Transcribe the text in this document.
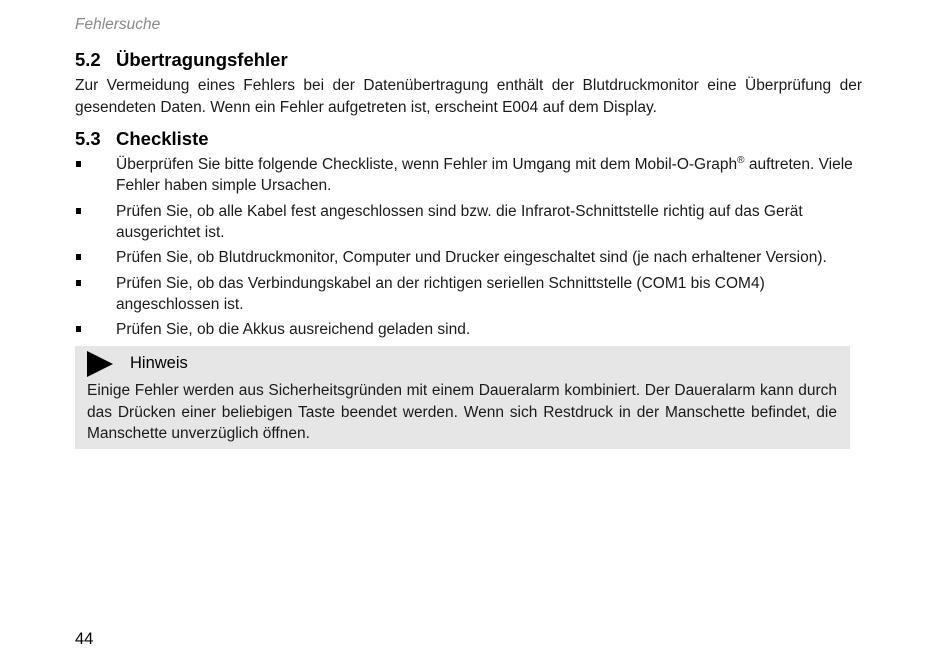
Fehlersuche
5.2 Übertragungsfehler

Zur Vermeidung eines Fehlers bei der Datenübertragung enthält der Blutdruckmonitor eine Überprüfung der gesendeten Daten. Wenn ein Fehler aufgetreten ist, erscheint E004 auf dem Display.

5.3 Checkliste
Überprüfen Sie bitte folgende Checkliste, wenn Fehler im Umgang mit dem Mobil-O-Graph® auftreten. Viele Fehler haben simple Ursachen.
Prüfen Sie, ob alle Kabel fest angeschlossen sind bzw. die Infrarot-Schnittstelle richtig auf das Gerät ausgerichtet ist.
Prüfen Sie, ob Blutdruckmonitor, Computer und Drucker eingeschaltet sind (je nach erhaltener Version).
Prüfen Sie, ob das Verbindungskabel an der richtigen seriellen Schnittstelle (COM1 bis COM4) angeschlossen ist.
Prüfen Sie, ob die Akkus ausreichend geladen sind.
Hinweis

Einige Fehler werden aus Sicherheitsgründen mit einem Daueralarm kombiniert. Der Daueralarm kann durch das Drücken einer beliebigen Taste beendet werden. Wenn sich Restdruck in der Manschette befindet, die Manschette unverzüglich öffnen.

44
